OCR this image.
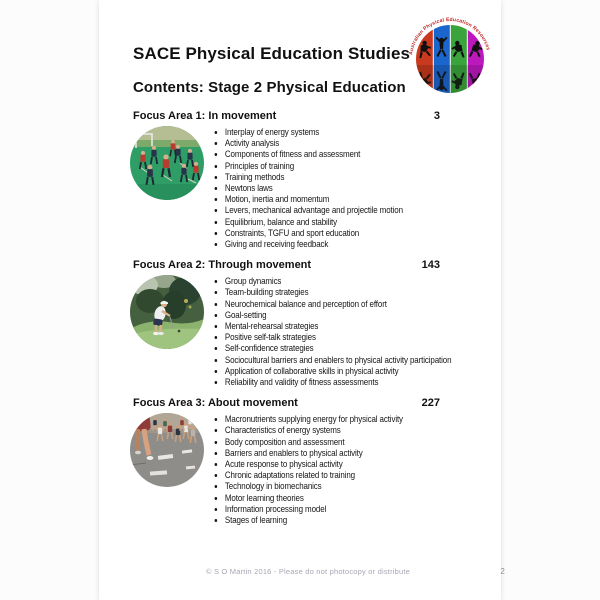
Australian Physical Education Resources
SACE Physical Education Studies
Contents: Stage 2 Physical Education
Focus Area 1: In movement	3
• Interplay of energy systems
• Activity analysis
• Components of fitness and assessment
• Principles of training
• Training methods
• Newtons laws
• Motion, inertia and momentum
• Levers, mechanical advantage and projectile motion
• Equilibrium, balance and stability
• Constraints, TGFU and sport education
• Giving and receiving feedback
Focus Area 2: Through movement	143
• Group dynamics
• Team-building strategies
• Neurochemical balance and perception of effort
• Goal-setting
• Mental-rehearsal strategies
• Positive self-talk strategies
• Self-confidence strategies
• Sociocultural barriers and enablers to physical activity participation
• Application of collaborative skills in physical activity
• Reliability and validity of fitness assessments
Focus Area 3: About movement	227
• Macronutrients supplying energy for physical activity
• Characteristics of energy systems
• Body composition and assessment
• Barriers and enablers to physical activity
• Acute response to physical activity
• Chronic adaptations related to training
• Technology in biomechanics
• Motor learning theories
• Information processing model
• Stages of learning
© S O Martin 2016 - Please do not photocopy or distribute	2
